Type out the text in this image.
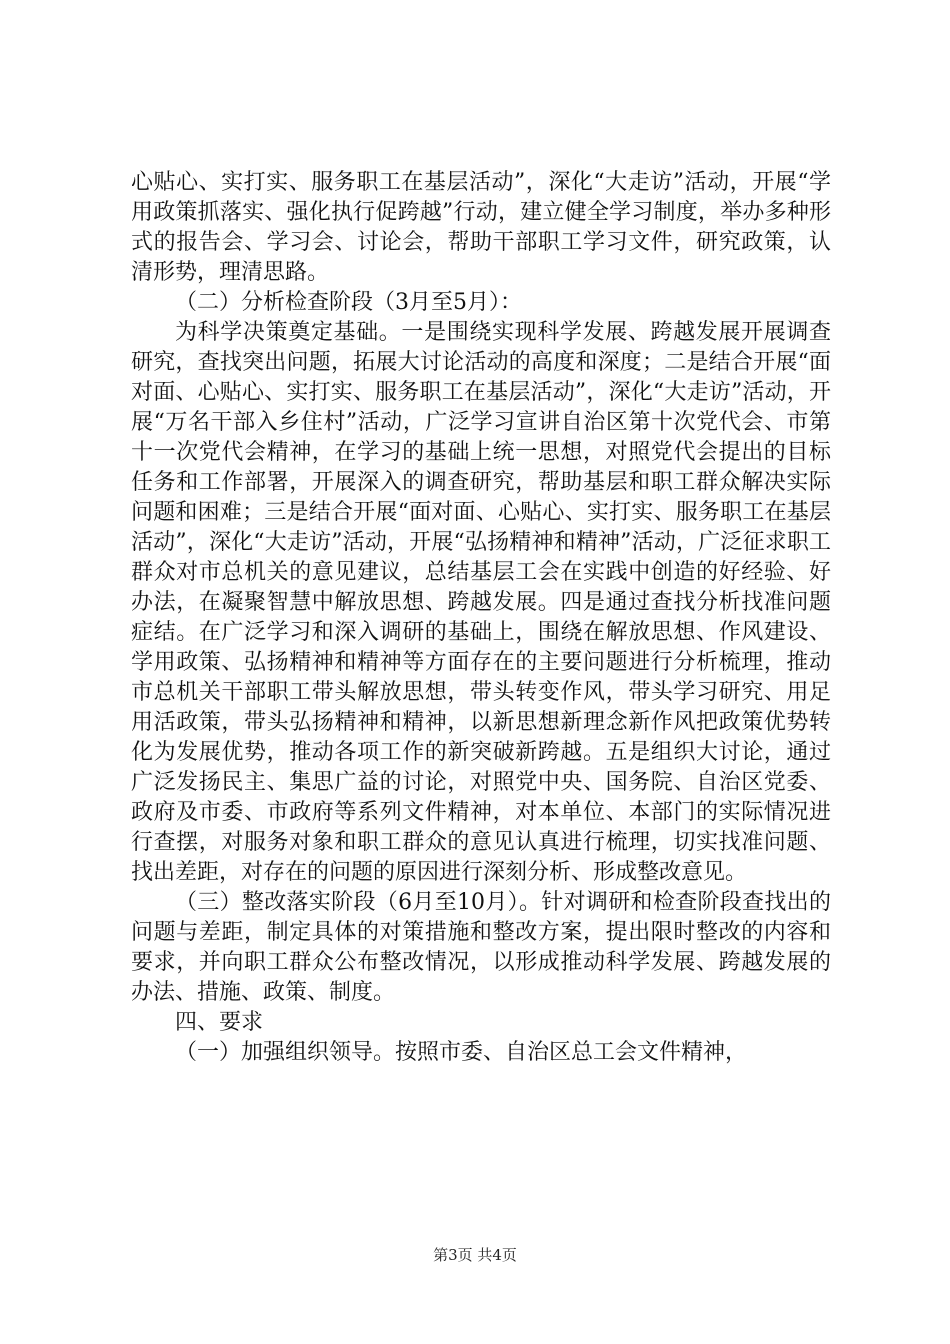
心贴心、实打实、服务职工在基层活动”，深化“大走访”活动，开展“学用政策抓落实、强化执行促跨越”行动，建立健全学习制度，举办多种形式的报告会、学习会、讨论会，帮助干部职工学习文件，研究政策，认清形势，理清思路。

（二）分析检查阶段（3月至5月）：

为科学决策奠定基础。一是围绕实现科学发展、跨越发展开展调查研究，查找突出问题，拓展大讨论活动的高度和深度；二是结合开展“面对面、心贴心、实打实、服务职工在基层活动”，深化“大走访”活动，开展“万名干部入乡住村”活动，广泛学习宣讲自治区第十次党代会、市第十一次党代会精神，在学习的基础上统一思想，对照党代会提出的目标任务和工作部署，开展深入的调查研究，帮助基层和职工群众解决实际问题和困难；三是结合开展“面对面、心贴心、实打实、服务职工在基层活动”，深化“大走访”活动，开展“弘扬精神和精神”活动，广泛征求职工群众对市总机关的意见建议，总结基层工会在实践中创造的好经验、好办法，在凝聚智慧中解放思想、跨越发展。四是通过查找分析找准问题症结。在广泛学习和深入调研的基础上，围绕在解放思想、作风建设、学用政策、弘扬精神和精神等方面存在的主要问题进行分析梳理，推动市总机关干部职工带头解放思想，带头转变作风，带头学习研究、用足用活政策，带头弘扬精神和精神，以新思想新理念新作风把政策优势转化为发展优势，推动各项工作的新突破新跨越。五是组织大讨论，通过广泛发扬民主、集思广益的讨论，对照党中央、国务院、自治区党委、政府及市委、市政府等系列文件精神，对本单位、本部门的实际情况进行查摆，对服务对象和职工群众的意见认真进行梳理，切实找准问题、找出差距，对存在的问题的原因进行深刻分析、形成整改意见。

（三）整改落实阶段（6月至10月）。针对调研和检查阶段查找出的问题与差距，制定具体的对策措施和整改方案，提出限时整改的内容和要求，并向职工群众公布整改情况，以形成推动科学发展、跨越发展的办法、措施、政策、制度。

四、要求

（一）加强组织领导。按照市委、自治区总工会文件精神，

第3页 共4页
